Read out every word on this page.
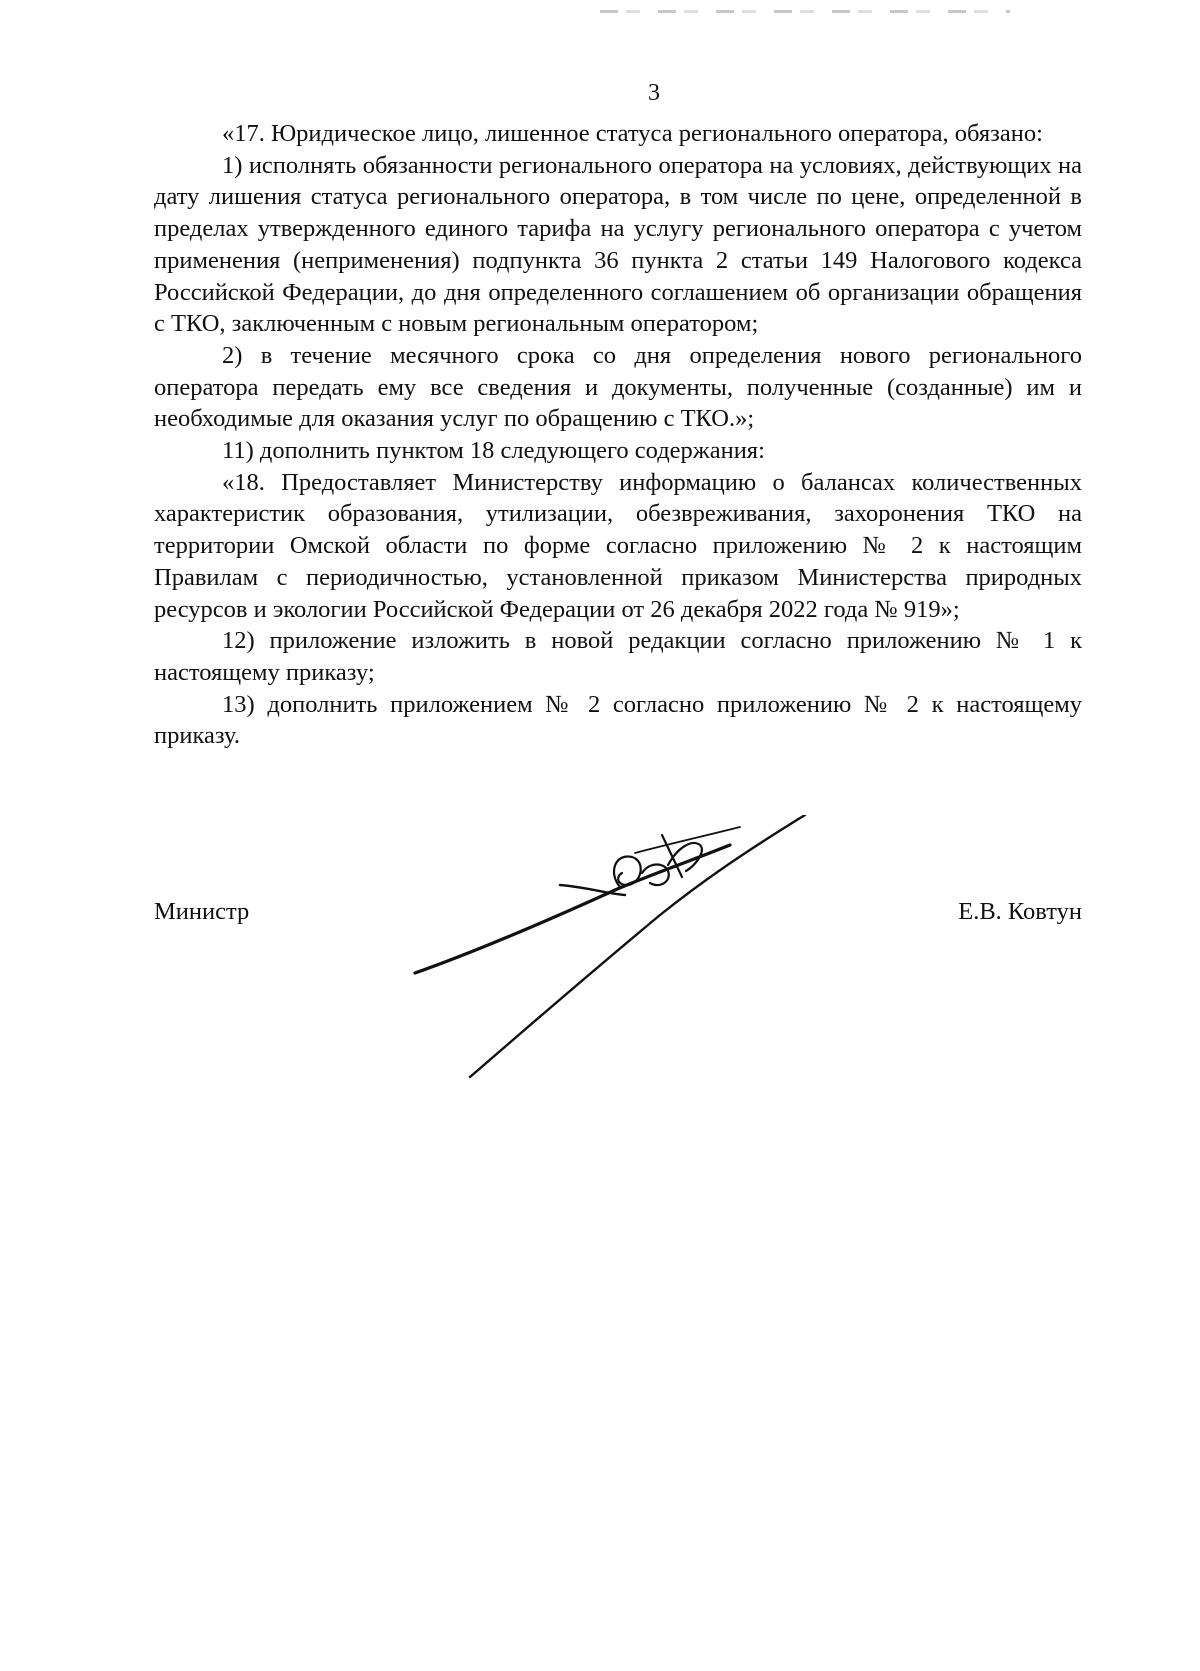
3

«17. Юридическое лицо, лишенное статуса регионального оператора, обязано:

1) исполнять обязанности регионального оператора на условиях, действующих на дату лишения статуса регионального оператора, в том числе по цене, определенной в пределах утвержденного единого тарифа на услугу регионального оператора с учетом применения (неприменения) подпункта 36 пункта 2 статьи 149 Налогового кодекса Российской Федерации, до дня определенного соглашением об организации обращения с ТКО, заключенным с новым региональным оператором;

2) в течение месячного срока со дня определения нового регионального оператора передать ему все сведения и документы, полученные (созданные) им и необходимые для оказания услуг по обращению с ТКО.»;

11) дополнить пунктом 18 следующего содержания:

«18. Предоставляет Министерству информацию о балансах количественных характеристик образования, утилизации, обезвреживания, захоронения ТКО на территории Омской области по форме согласно приложению № 2 к настоящим Правилам с периодичностью, установленной приказом Министерства природных ресурсов и экологии Российской Федерации от 26 декабря 2022 года № 919»;

12) приложение изложить в новой редакции согласно приложению № 1 к настоящему приказу;

13) дополнить приложением № 2 согласно приложению № 2 к настоящему приказу.

Министр	Е.В. Ковтун
